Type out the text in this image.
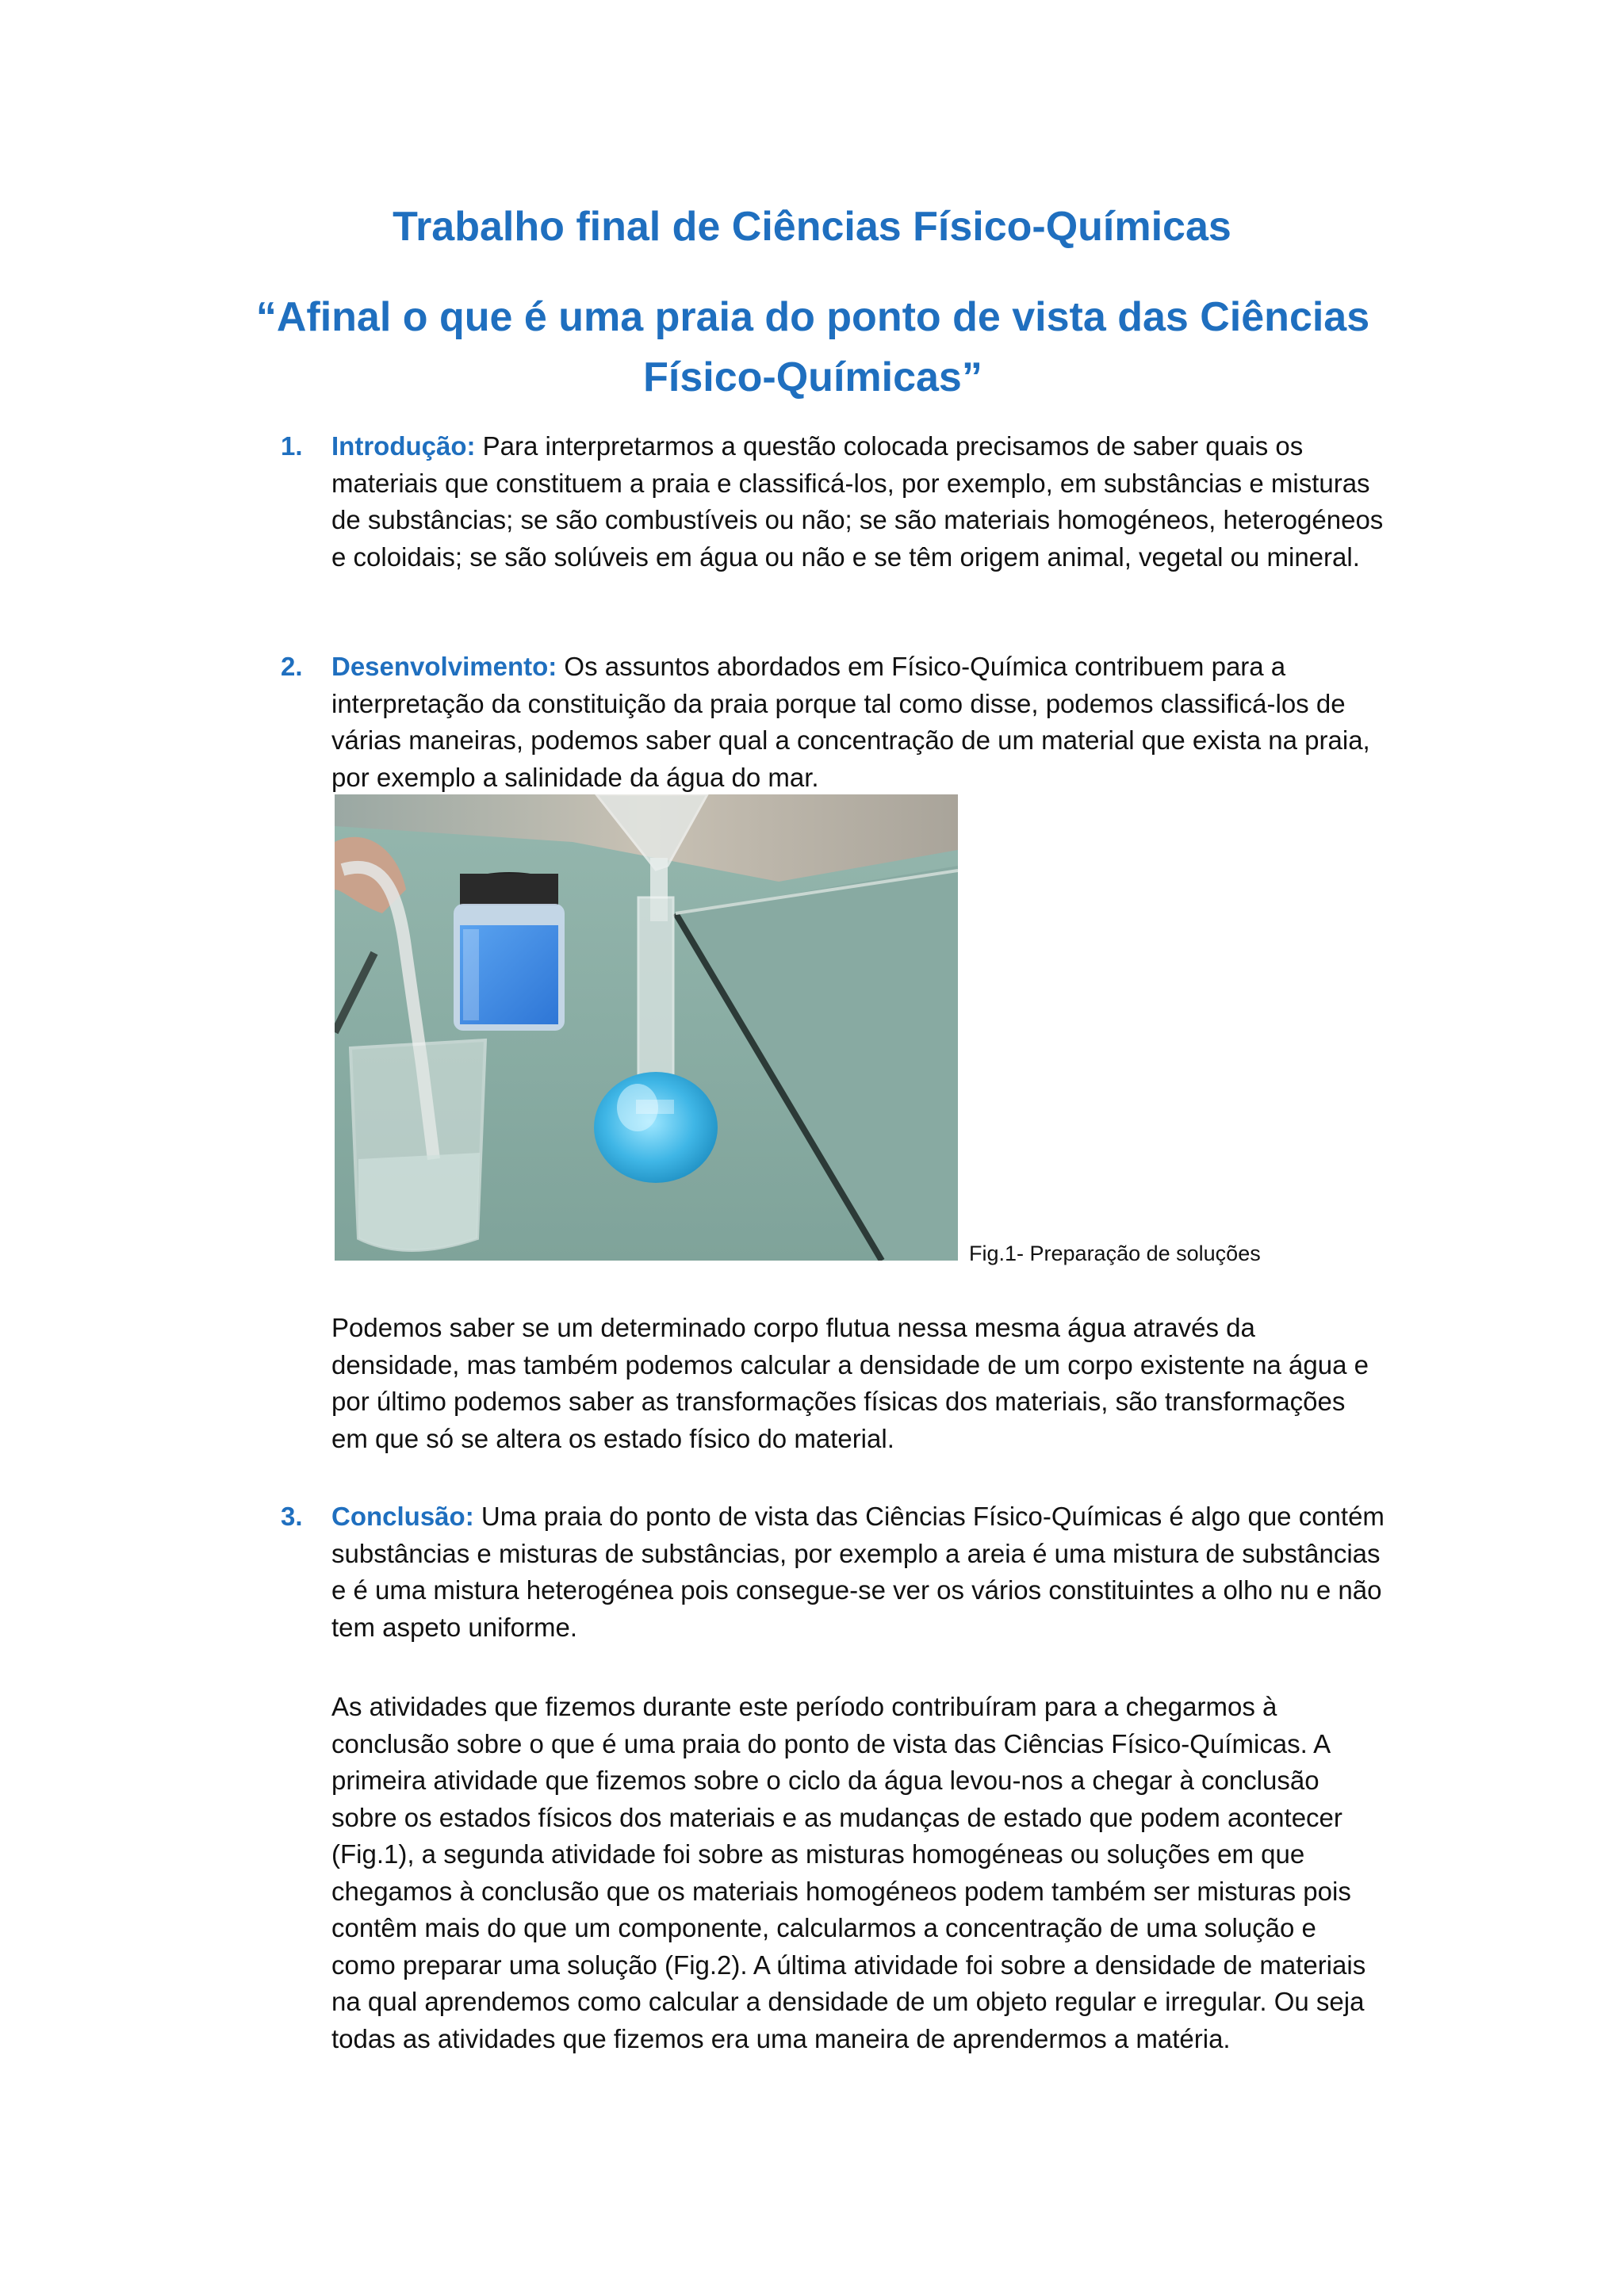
Trabalho final de Ciências Físico-Químicas
“Afinal o que é uma praia do ponto de vista das Ciências Físico-Químicas”
1. Introdução: Para interpretarmos a questão colocada precisamos de saber quais os materiais que constituem a praia e classificá-los, por exemplo, em substâncias e misturas de substâncias; se são combustíveis ou não; se são materiais homogéneos, heterogéneos e coloidais; se são solúveis em água ou não e se têm origem animal, vegetal ou mineral.
2. Desenvolvimento: Os assuntos abordados em Físico-Química contribuem para a interpretação da constituição da praia porque tal como disse, podemos classificá-los de várias maneiras, podemos saber qual a concentração de um material que exista na praia, por exemplo a salinidade da água do mar.
Fig.1- Preparação de soluções
Podemos saber se um determinado corpo flutua nessa mesma água através da densidade, mas também podemos calcular a densidade de um corpo existente na água e por último podemos saber as transformações físicas dos materiais, são transformações em que só se altera os estado físico do material.
3. Conclusão: Uma praia do ponto de vista das Ciências Físico-Químicas é algo que contém substâncias e misturas de substâncias, por exemplo a areia é uma mistura de substâncias e é uma mistura heterogénea pois consegue-se ver os vários constituintes a olho nu e não tem aspeto uniforme.
As atividades que fizemos durante este período contribuíram para a chegarmos à conclusão sobre o que é uma praia do ponto de vista das Ciências Físico-Químicas. A primeira atividade que fizemos sobre o ciclo da água levou-nos a chegar à conclusão sobre os estados físicos dos materiais e as mudanças de estado que podem acontecer (Fig.1), a segunda atividade foi sobre as misturas homogéneas ou soluções em que chegamos à conclusão que os materiais homogéneos podem também ser misturas pois contêm mais do que um componente, calcularmos a concentração de uma solução e como preparar uma solução (Fig.2). A última atividade foi sobre a densidade de materiais na qual aprendemos como calcular a densidade de um objeto regular e irregular. Ou seja todas as atividades que fizemos era uma maneira de aprendermos a matéria.
